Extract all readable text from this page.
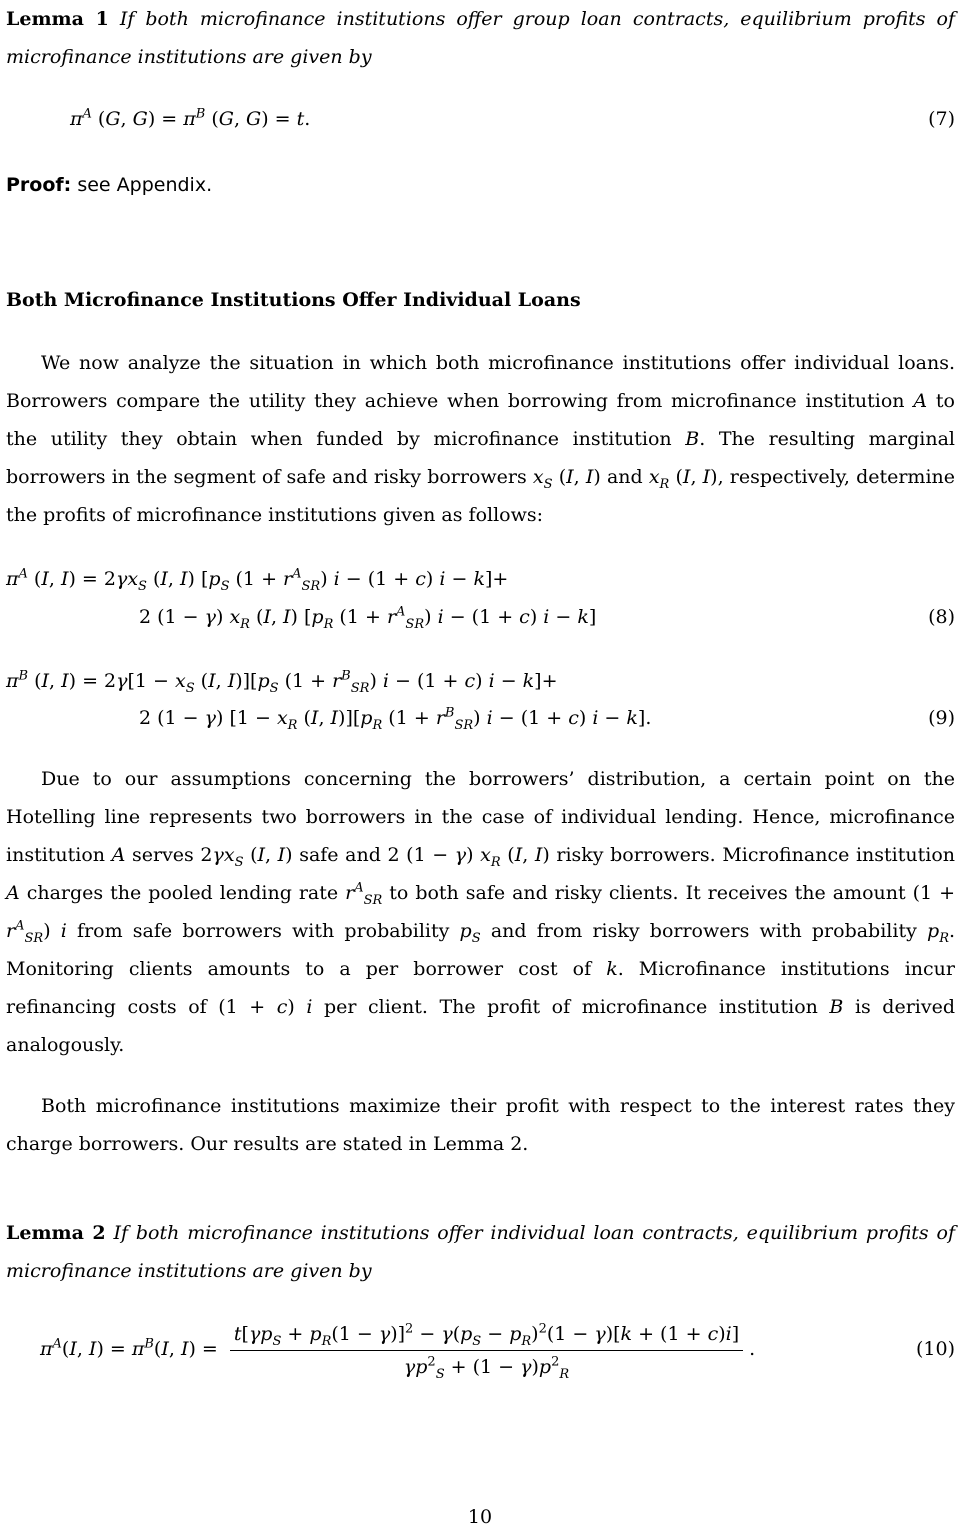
Lemma 1 If both microfinance institutions offer group loan contracts, equilibrium profits of microfinance institutions are given by
$\pi^A$ (G, $G) = \pi^B$ (G, G) = t.	(7)
Proof: see Appendix.
Both Microfinance Institutions Offer Individual Loans
We now analyze the situation in which both microfinance institutions offer individual loans. Borrowers compare the utility they achieve when borrowing from microfinance institution A to the utility they obtain when funded by microfinance institution B. The resulting marginal borrowers in the segment of safe and risky borrowers $x_S$ (I, I) and $x_R$ (I, I), respectively, determine the profits of microfinance institutions given as follows:
$\pi^A$ (I, $I) = 2\gamma x_S$ (I, I) [$p_S$ $(1 + r^A_{SR})$ i − (1 + c) i − k]+
2 (1 − γ) $x_R$ (I, I) [$p_R$ $(1 + r^A_{SR})$ i − (1 + c) i − k]	(8)
$\pi^B$ (I, $I) = 2\gamma[1 - x_S$ (I, $I)][p_S$ $(1 + r^B_{SR})$ i − (1 + c) i − k]+
2 (1 − γ) [$1 - x_R$ (I, $I)][p_R$ $(1 + r^B_{SR})$ i − (1 + c) i − k].	(9)
Due to our assumptions concerning the borrowers’ distribution, a certain point on the Hotelling line represents two borrowers in the case of individual lending. Hence, microfinance institution A serves $2\gamma x_S$ (I, I) safe and 2 (1 − γ) $x_R$ (I, I) risky borrowers. Microfinance institution A charges the pooled lending rate $r^A_{SR}$ to both safe and risky clients. It receives the amount $(1 + r^A_{SR})$ i from safe borrowers with probability $p_S$ and from risky borrowers with probability $p_R$. Monitoring clients amounts to a per borrower cost of k. Microfinance institutions incur refinancing costs of (1 + c) i per client. The profit of microfinance institution B is derived analogously.
Both microfinance institutions maximize their profit with respect to the interest rates they charge borrowers. Our results are stated in Lemma 2.
Lemma 2 If both microfinance institutions offer individual loan contracts, equilibrium profits of microfinance institutions are given by
$\pi^A(I$, $I) = \pi^B(I$, $I) = \frac{t[\gamma p_S + p_R(1 - \gamma)]^2 - \gamma(p_S - p_R)^2(1 - \gamma)[k + (1 + c)i]}{\gamma p^2_S + (1 - \gamma)p^2_R}$ .	(10)
10
